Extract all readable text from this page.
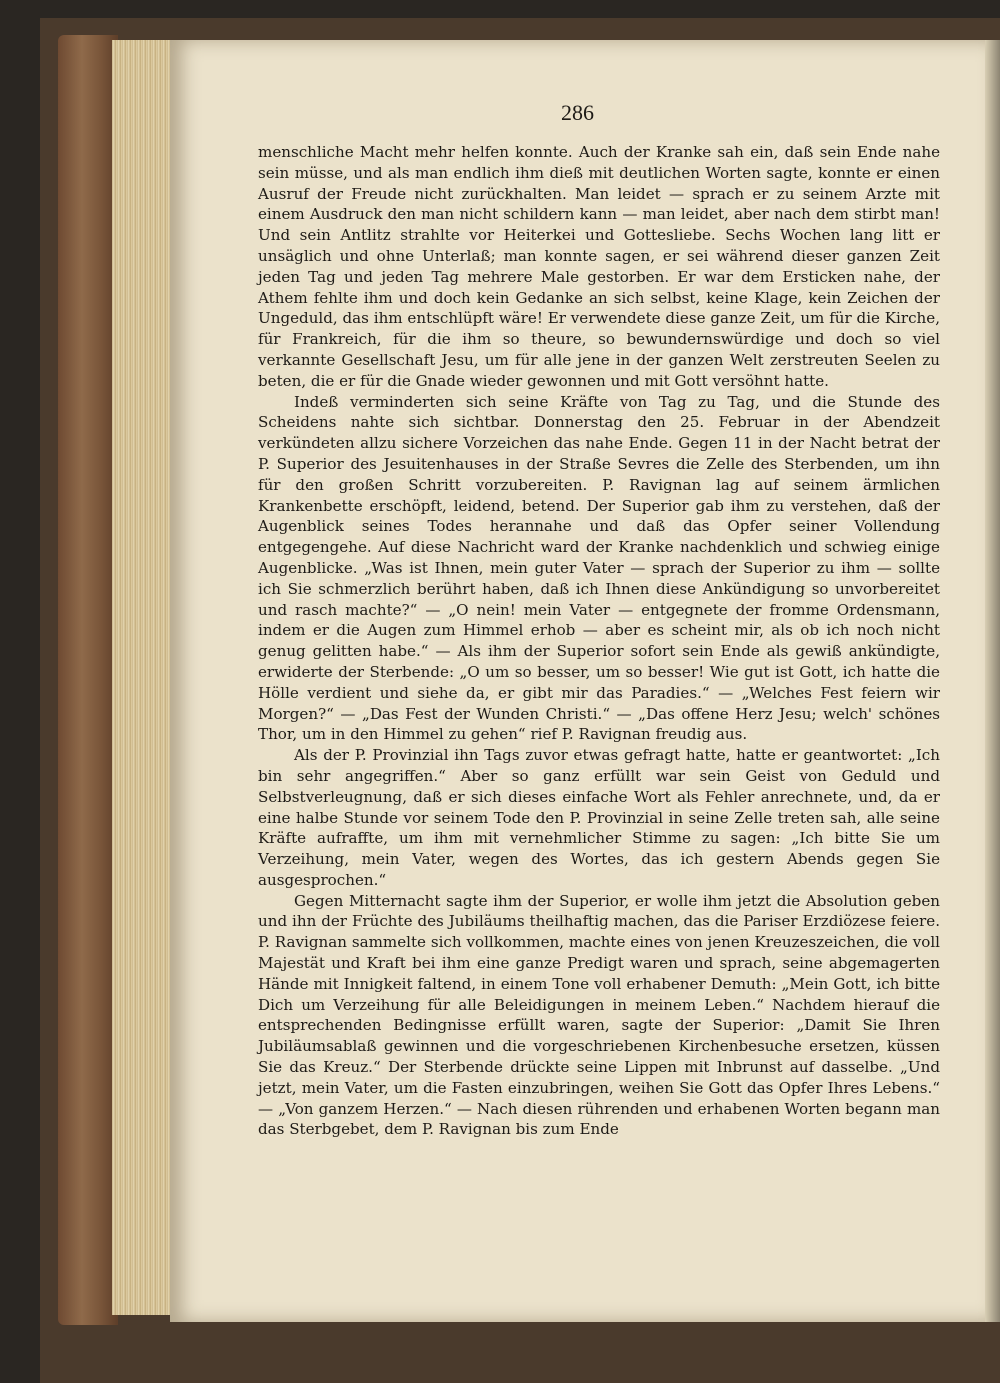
286

menschliche Macht mehr helfen konnte. Auch der Kranke sah ein, daß sein Ende nahe sein müsse, und als man endlich ihm dieß mit deutlichen Worten sagte, konnte er einen Ausruf der Freude nicht zurückhalten. Man leidet — sprach er zu seinem Arzte mit einem Ausdruck den man nicht schildern kann — man leidet, aber nach dem stirbt man! Und sein Antlitz strahlte vor Heiterkei und Gottesliebe. Sechs Wochen lang litt er unsäglich und ohne Unterlaß; man konnte sagen, er sei während dieser ganzen Zeit jeden Tag und jeden Tag mehrere Male gestorben. Er war dem Ersticken nahe, der Athem fehlte ihm und doch kein Gedanke an sich selbst, keine Klage, kein Zeichen der Ungeduld, das ihm entschlüpft wäre! Er verwendete diese ganze Zeit, um für die Kirche, für Frankreich, für die ihm so theure, so bewundernswürdige und doch so viel verkannte Gesellschaft Jesu, um für alle jene in der ganzen Welt zerstreuten Seelen zu beten, die er für die Gnade wieder gewonnen und mit Gott versöhnt hatte.

Indeß verminderten sich seine Kräfte von Tag zu Tag, und die Stunde des Scheidens nahte sich sichtbar. Donnerstag den 25. Februar in der Abendzeit verkündeten allzu sichere Vorzeichen das nahe Ende. Gegen 11 in der Nacht betrat der P. Superior des Jesuitenhauses in der Straße Sevres die Zelle des Sterbenden, um ihn für den großen Schritt vorzubereiten. P. Ravignan lag auf seinem ärmlichen Krankenbette erschöpft, leidend, betend. Der Superior gab ihm zu verstehen, daß der Augenblick seines Todes herannahe und daß das Opfer seiner Vollendung entgegengehe. Auf diese Nachricht ward der Kranke nachdenklich und schwieg einige Augenblicke. „Was ist Ihnen, mein guter Vater — sprach der Superior zu ihm — sollte ich Sie schmerzlich berührt haben, daß ich Ihnen diese Ankündigung so unvorbereitet und rasch machte?“ — „O nein! mein Vater — entgegnete der fromme Ordensmann, indem er die Augen zum Himmel erhob — aber es scheint mir, als ob ich noch nicht genug gelitten habe.“ — Als ihm der Superior sofort sein Ende als gewiß ankündigte, erwiderte der Sterbende: „O um so besser, um so besser! Wie gut ist Gott, ich hatte die Hölle verdient und siehe da, er gibt mir das Paradies.“ — „Welches Fest feiern wir Morgen?“ — „Das Fest der Wunden Christi.“ — „Das offene Herz Jesu; welch' schönes Thor, um in den Himmel zu gehen“ rief P. Ravignan freudig aus.

Als der P. Provinzial ihn Tags zuvor etwas gefragt hatte, hatte er geantwortet: „Ich bin sehr angegriffen.“ Aber so ganz erfüllt war sein Geist von Geduld und Selbstverleugnung, daß er sich dieses einfache Wort als Fehler anrechnete, und, da er eine halbe Stunde vor seinem Tode den P. Provinzial in seine Zelle treten sah, alle seine Kräfte aufraffte, um ihm mit vernehmlicher Stimme zu sagen: „Ich bitte Sie um Verzeihung, mein Vater, wegen des Wortes, das ich gestern Abends gegen Sie ausgesprochen.“

Gegen Mitternacht sagte ihm der Superior, er wolle ihm jetzt die Absolution geben und ihn der Früchte des Jubiläums theilhaftig machen, das die Pariser Erzdiözese feiere. P. Ravignan sammelte sich vollkommen, machte eines von jenen Kreuzeszeichen, die voll Majestät und Kraft bei ihm eine ganze Predigt waren und sprach, seine abgemagerten Hände mit Innigkeit faltend, in einem Tone voll erhabener Demuth: „Mein Gott, ich bitte Dich um Verzeihung für alle Beleidigungen in meinem Leben.“ Nachdem hierauf die entsprechenden Bedingnisse erfüllt waren, sagte der Superior: „Damit Sie Ihren Jubiläumsablaß gewinnen und die vorgeschriebenen Kirchenbesuche ersetzen, küssen Sie das Kreuz.“ Der Sterbende drückte seine Lippen mit Inbrunst auf dasselbe. „Und jetzt, mein Vater, um die Fasten einzubringen, weihen Sie Gott das Opfer Ihres Lebens.“ — „Von ganzem Herzen.“ — Nach diesen rührenden und erhabenen Worten begann man das Sterbgebet, dem P. Ravignan bis zum Ende
